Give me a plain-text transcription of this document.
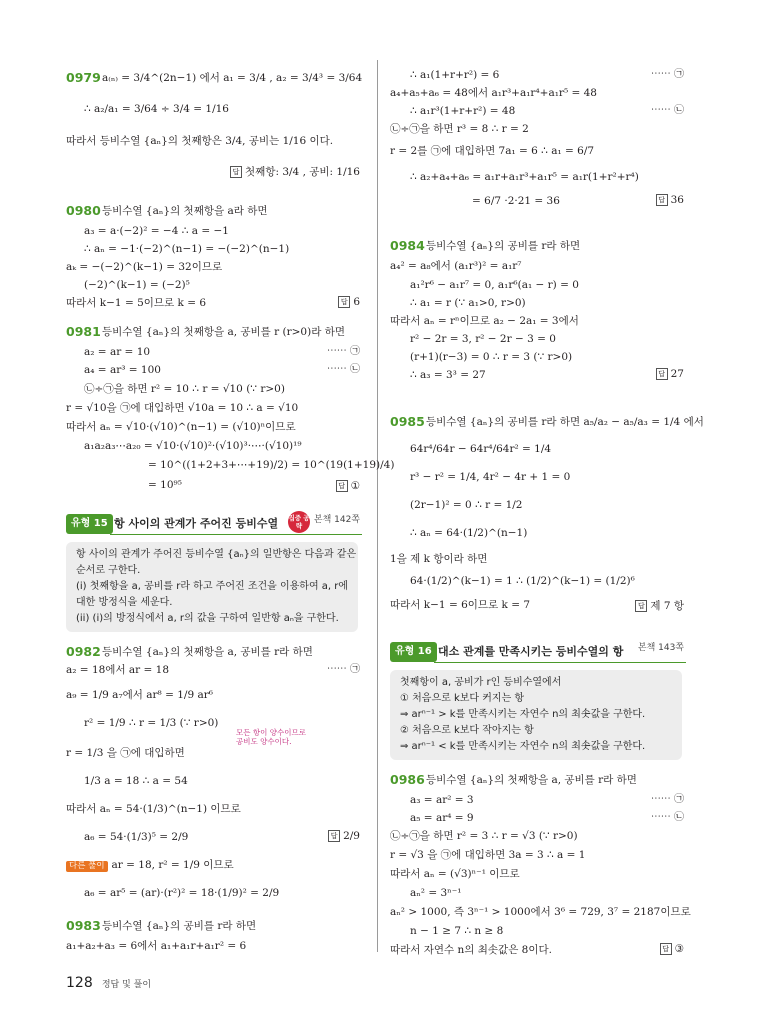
0979 a₍ₙ₎ = 3/4^(2n−1) 에서 a₁ = 3/4 , a₂ = 3/4³ = 3/64
∴ a₂/a₁ = 3/64 ÷ 3/4 = 1/16
따라서 등비수열 {aₙ}의 첫째항은 3/4, 공비는 1/16 이다.
답 첫째항: 3/4 , 공비: 1/16
0980 등비수열 {aₙ}의 첫째항을 a라 하면
a₃ = a·(−2)² = −4 ∴ a = −1
∴ aₙ = −1·(−2)^(n−1) = −(−2)^(n−1)
aₖ = −(−2)^(k−1) = 32이므로
(−2)^(k−1) = (−2)⁵
따라서 k−1 = 5이므로 k = 6	답 6
0981 등비수열 {aₙ}의 첫째항을 a, 공비를 r (r>0)라 하면
a₂ = ar = 10	⋯⋯ ㉠
a₄ = ar³ = 100	⋯⋯ ㉡
㉡÷㉠을 하면 r² = 10 ∴ r = √10 (∵ r>0)
r = √10을 ㉠에 대입하면 √10a = 10 ∴ a = √10
따라서 aₙ = √10·(√10)^(n−1) = (√10)ⁿ이므로
a₁a₂a₃⋯a₂₀ = √10·(√10)²·(√10)³·⋯·(√10)¹⁹
= 10^((1+2+3+⋯+19)/2) = 10^(19(1+19)/4)
= 10⁹⁵	답 ①
유형 15 항 사이의 관계가 주어진 등비수열 집중 공략
본책 142쪽
항 사이의 관계가 주어진 등비수열 {aₙ}의 일반항은 다음과 같은
순서로 구한다.
(i) 첫째항을 a, 공비를 r라 하고 주어진 조건을 이용하여 a, r에
대한 방정식을 세운다.
(ii) (i)의 방정식에서 a, r의 값을 구하여 일반항 aₙ을 구한다.
0982 등비수열 {aₙ}의 첫째항을 a, 공비를 r라 하면
a₂ = 18에서 ar = 18	⋯⋯ ㉠
a₉ = 1/9 a₇에서 ar⁸ = 1/9 ar⁶
r² = 1/9 ∴ r = 1/3 (∵ r>0)
모든 항이 양수이므로
공비도 양수이다.
r = 1/3 을 ㉠에 대입하면
1/3 a = 18 ∴ a = 54
따라서 aₙ = 54·(1/3)^(n−1) 이므로
a₆ = 54·(1/3)⁵ = 2/9	답 2/9
다른 풀이 ar = 18, r² = 1/9 이므로
a₆ = ar⁵ = (ar)·(r²)² = 18·(1/9)² = 2/9
0983 등비수열 {aₙ}의 공비를 r라 하면
a₁+a₂+a₃ = 6에서 a₁+a₁r+a₁r² = 6
∴ a₁(1+r+r²) = 6	⋯⋯ ㉠
a₄+a₅+a₆ = 48에서 a₁r³+a₁r⁴+a₁r⁵ = 48
∴ a₁r³(1+r+r²) = 48	⋯⋯ ㉡
㉡÷㉠을 하면 r³ = 8 ∴ r = 2
r = 2를 ㉠에 대입하면 7a₁ = 6 ∴ a₁ = 6/7
∴ a₂+a₄+a₆ = a₁r+a₁r³+a₁r⁵ = a₁r(1+r²+r⁴)
= 6/7 ·2·21 = 36	답 36
0984 등비수열 {aₙ}의 공비를 r라 하면
a₄² = a₈에서 (a₁r³)² = a₁r⁷
a₁²r⁶ − a₁r⁷ = 0, a₁r⁶(a₁ − r) = 0
∴ a₁ = r (∵ a₁>0, r>0)
따라서 aₙ = rⁿ이므로 a₂ − 2a₁ = 3에서
r² − 2r = 3, r² − 2r − 3 = 0
(r+1)(r−3) = 0 ∴ r = 3 (∵ r>0)
∴ a₃ = 3³ = 27	답 27
0985 등비수열 {aₙ}의 공비를 r라 하면 a₅/a₂ − a₅/a₃ = 1/4 에서
64r⁴/64r − 64r⁴/64r² = 1/4
r³ − r² = 1/4, 4r² − 4r + 1 = 0
(2r−1)² = 0 ∴ r = 1/2
∴ aₙ = 64·(1/2)^(n−1)
1을 제 k 항이라 하면
64·(1/2)^(k−1) = 1 ∴ (1/2)^(k−1) = (1/2)⁶
따라서 k−1 = 6이므로 k = 7	답 제 7 항
유형 16 대소 관계를 만족시키는 등비수열의 항 본책 143쪽
첫째항이 a, 공비가 r인 등비수열에서
① 처음으로 k보다 커지는 항
⇒ arⁿ⁻¹ > k를 만족시키는 자연수 n의 최솟값을 구한다.
② 처음으로 k보다 작아지는 항
⇒ arⁿ⁻¹ < k를 만족시키는 자연수 n의 최솟값을 구한다.
0986 등비수열 {aₙ}의 첫째항을 a, 공비를 r라 하면
a₃ = ar² = 3	⋯⋯ ㉠
a₅ = ar⁴ = 9	⋯⋯ ㉡
㉡÷㉠을 하면 r² = 3 ∴ r = √3 (∵ r>0)
r = √3 을 ㉠에 대입하면 3a = 3 ∴ a = 1
따라서 aₙ = (√3)ⁿ⁻¹ 이므로
aₙ² = 3ⁿ⁻¹
aₙ² > 1000, 즉 3ⁿ⁻¹ > 1000에서 3⁶ = 729, 3⁷ = 2187이므로
n − 1 ≥ 7 ∴ n ≥ 8
따라서 자연수 n의 최솟값은 8이다.	답 ③
128 정답 및 풀이
